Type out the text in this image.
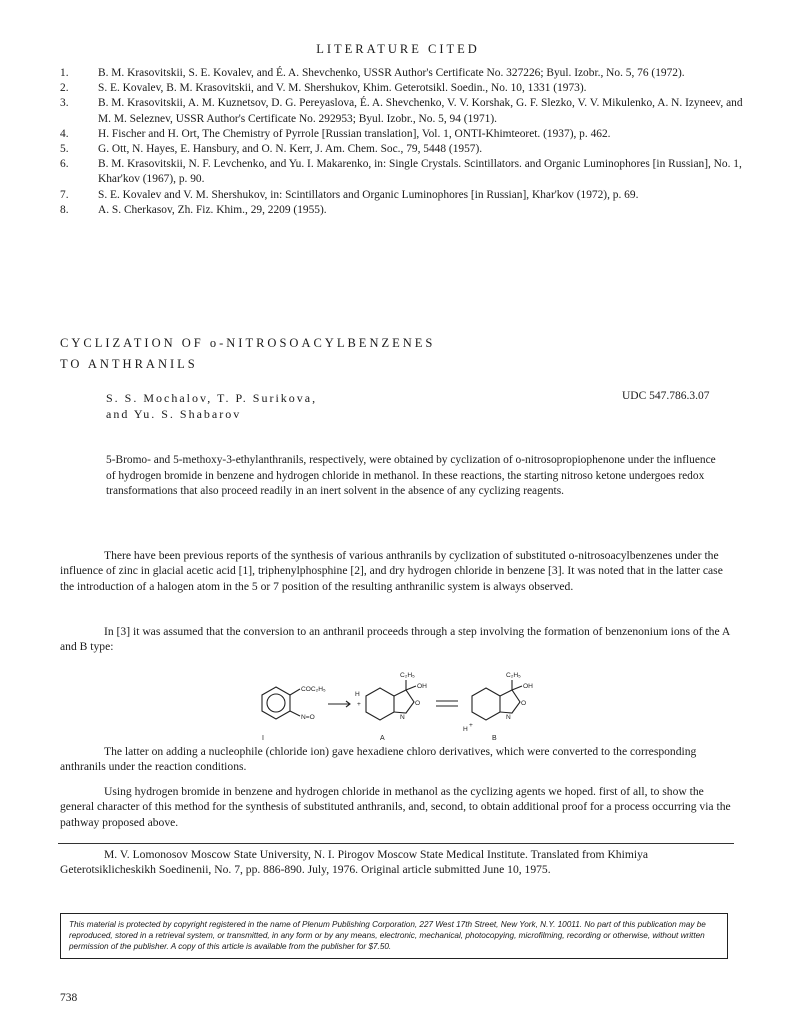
LITERATURE CITED
1.	B. M. Krasovitskii, S. E. Kovalev, and É. A. Shevchenko, USSR Author's Certificate No. 327226; Byul. Izobr., No. 5, 76 (1972).
2.	S. E. Kovalev, B. M. Krasovitskii, and V. M. Shershukov, Khim. Geterotsikl. Soedin., No. 10, 1331 (1973).
3.	B. M. Krasovitskii, A. M. Kuznetsov, D. G. Pereyaslova, É. A. Shevchenko, V. V. Korshak, G. F. Slezko, V. V. Mikulenko, A. N. Izyneev, and M. M. Seleznev, USSR Author's Certificate No. 292953; Byul. Izobr., No. 5, 94 (1971).
4.	H. Fischer and H. Ort, The Chemistry of Pyrrole [Russian translation], Vol. 1, ONTI-Khimteoret. (1937), p. 462.
5.	G. Ott, N. Hayes, E. Hansbury, and O. N. Kerr, J. Am. Chem. Soc., 79, 5448 (1957).
6.	B. M. Krasovitskii, N. F. Levchenko, and Yu. I. Makarenko, in: Single Crystals. Scintillators. and Organic Luminophores [in Russian], No. 1, Khar'kov (1967), p. 90.
7.	S. E. Kovalev and V. M. Shershukov, in: Scintillators and Organic Luminophores [in Russian], Khar'kov (1972), p. 69.
8.	A. S. Cherkasov, Zh. Fiz. Khim., 29, 2209 (1955).
CYCLIZATION OF o-NITROSOACYLBENZENES
TO ANTHRANILS
S. S. Mochalov, T. P. Surikova,
and Yu. S. Shabarov
UDC 547.786.3.07
5-Bromo- and 5-methoxy-3-ethylanthranils, respectively, were obtained by cyclization of o-nitrosopropiophenone under the influence of hydrogen bromide in benzene and hydrogen chloride in methanol. In these reactions, the starting nitroso ketone undergoes redox transformations that also proceed readily in an inert solvent in the absence of any cyclizing reagents.

There have been previous reports of the synthesis of various anthranils by cyclization of substituted o-nitrosoacylbenzenes under the influence of zinc in glacial acetic acid [1], triphenylphosphine [2], and dry hydrogen chloride in benzene [3]. It was noted that in the latter case the introduction of a halogen atom in the 5 or 7 position of the resulting anthranilic system is always observed.

In [3] it was assumed that the conversion to an anthranil proceeds through a step involving the formation of benzenonium ions of the A and B type:

COC₂H₅
N=O
H
+
C₂H₅
OH
O
N
C₂H₅
OH
O
N
H
+
I	A	B

The latter on adding a nucleophile (chloride ion) gave hexadiene chloro derivatives, which were converted to the corresponding anthranils under the reaction conditions.

Using hydrogen bromide in benzene and hydrogen chloride in methanol as the cyclizing agents we hoped. first of all, to show the general character of this method for the synthesis of substituted anthranils, and, second, to obtain additional proof for a process occurring via the pathway proposed above.

M. V. Lomonosov Moscow State University, N. I. Pirogov Moscow State Medical Institute. Translated from Khimiya Geterotsiklicheskikh Soedinenii, No. 7, pp. 886-890. July, 1976. Original article submitted June 10, 1975.
This material is protected by copyright registered in the name of Plenum Publishing Corporation, 227 West 17th Street, New York, N.Y. 10011. No part of this publication may be reproduced, stored in a retrieval system, or transmitted, in any form or by any means, electronic, mechanical, photocopying, microfilming, recording or otherwise, without written permission of the publisher. A copy of this article is available from the publisher for $7.50.
738
